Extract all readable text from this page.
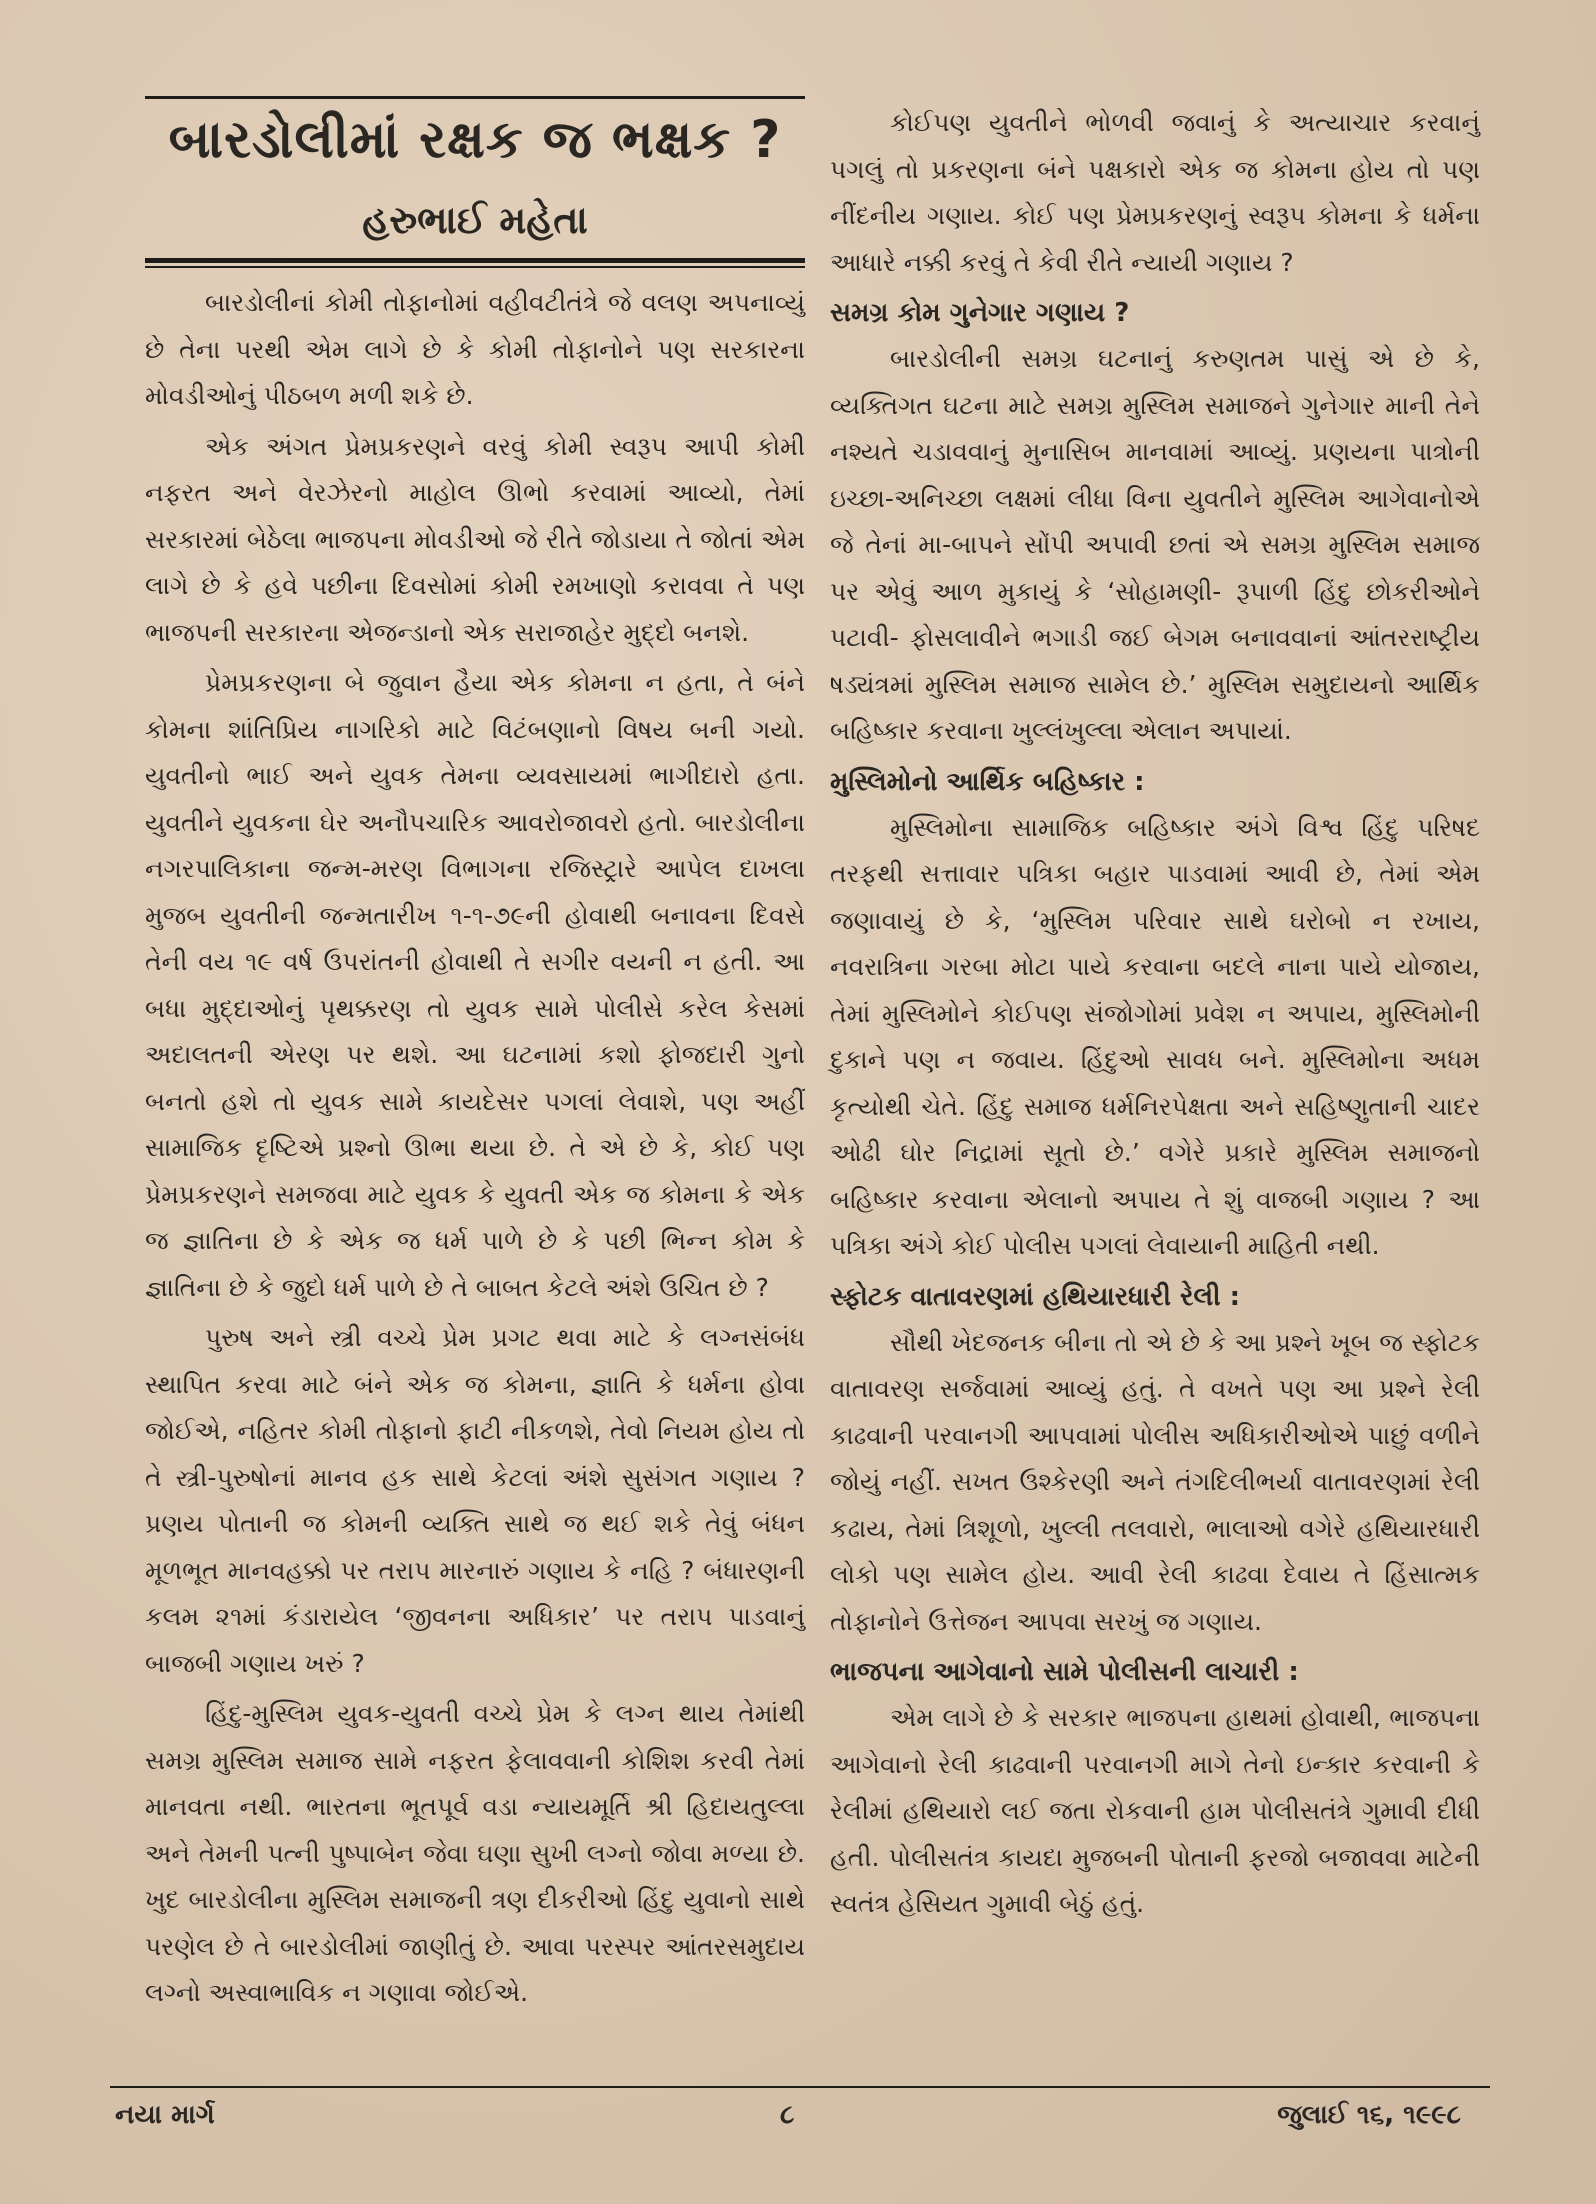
બારડોલીમાં રક્ષક જ ભક્ષક ?
હરુભાઈ મહેતા

બારડોલીનાં કોમી તોફાનોમાં વહીવટીતંત્રે જે વલણ અપનાવ્યું છે તેના પરથી એમ લાગે છે કે કોમી તોફાનોને પણ સરકારના મોવડીઓનું પીઠબળ મળી શકે છે.

એક અંગત પ્રેમપ્રકરણને વરવું કોમી સ્વરૂપ આપી કોમી નફરત અને વેરઝેરનો માહોલ ઊભો કરવામાં આવ્યો, તેમાં સરકારમાં બેઠેલા ભાજપના મોવડીઓ જે રીતે જોડાયા તે જોતાં એમ લાગે છે કે હવે પછીના દિવસોમાં કોમી રમખાણો કરાવવા તે પણ ભાજપની સરકારના એજન્ડાનો એક સરાજાહેર મુદ્દો બનશે.

પ્રેમપ્રકરણના બે જુવાન હૈયા એક કોમના ન હતા, તે બંને કોમના શાંતિપ્રિય નાગરિકો માટે વિટંબણાનો વિષય બની ગયો. યુવતીનો ભાઈ અને યુવક તેમના વ્યવસાયમાં ભાગીદારો હતા. યુવતીને યુવકના ઘેર અનૌપચારિક આવરોજાવરો હતો. બારડોલીના નગરપાલિકાના જન્મ-મરણ વિભાગના રજિસ્ટ્રારે આપેલ દાખલા મુજબ યુવતીની જન્મતારીખ ૧-૧-૭૯ની હોવાથી બનાવના દિવસે તેની વય ૧૯ વર્ષ ઉપરાંતની હોવાથી તે સગીર વયની ન હતી. આ બધા મુદ્દાઓનું પૃથક્કરણ તો યુવક સામે પોલીસે કરેલ કેસમાં અદાલતની એરણ પર થશે. આ ઘટનામાં કશો ફોજદારી ગુનો બનતો હશે તો યુવક સામે કાયદેસર પગલાં લેવાશે, પણ અહીં સામાજિક દૃષ્ટિએ પ્રશ્નો ઊભા થયા છે. તે એ છે કે, કોઈ પણ પ્રેમપ્રકરણને સમજવા માટે યુવક કે યુવતી એક જ કોમના કે એક જ જ્ઞાતિના છે કે એક જ ધર્મ પાળે છે કે પછી ભિન્ન કોમ કે જ્ઞાતિના છે કે જુદો ધર્મ પાળે છે તે બાબત કેટલે અંશે ઉચિત છે ?

પુરુષ અને સ્ત્રી વચ્ચે પ્રેમ પ્રગટ થવા માટે કે લગ્નસંબંધ સ્થાપિત કરવા માટે બંને એક જ કોમના, જ્ઞાતિ કે ધર્મના હોવા જોઈએ, નહિતર કોમી તોફાનો ફાટી નીકળશે, તેવો નિયમ હોય તો તે સ્ત્રી-પુરુષોનાં માનવ હક સાથે કેટલાં અંશે સુસંગત ગણાય ? પ્રણય પોતાની જ કોમની વ્યક્તિ સાથે જ થઈ શકે તેવું બંધન મૂળભૂત માનવહક્કો પર તરાપ મારનારું ગણાય કે નહિ ? બંધારણની કલમ ૨૧માં કંડારાયેલ ‘જીવનના અધિકાર’ પર તરાપ પાડવાનું બાજબી ગણાય ખરું ?

હિંદુ-મુસ્લિમ યુવક-યુવતી વચ્ચે પ્રેમ કે લગ્ન થાય તેમાંથી સમગ્ર મુસ્લિમ સમાજ સામે નફરત ફેલાવવાની કોશિશ કરવી તેમાં માનવતા નથી. ભારતના ભૂતપૂર્વ વડા ન્યાયમૂર્તિ શ્રી હિદાયતુલ્લા અને તેમની પત્ની પુષ્પાબેન જેવા ઘણા સુખી લગ્નો જોવા મળ્યા છે. ખુદ બારડોલીના મુસ્લિમ સમાજની ત્રણ દીકરીઓ હિંદુ યુવાનો સાથે પરણેલ છે તે બારડોલીમાં જાણીતું છે. આવા પરસ્પર આંતરસમુદાય લગ્નો અસ્વાભાવિક ન ગણાવા જોઈએ.

કોઈપણ યુવતીને ભોળવી જવાનું કે અત્યાચાર કરવાનું પગલું તો પ્રકરણના બંને પક્ષકારો એક જ કોમના હોય તો પણ નીંદનીય ગણાય. કોઈ પણ પ્રેમપ્રકરણનું સ્વરૂપ કોમના કે ધર્મના આધારે નક્કી કરવું તે કેવી રીતે ન્યાયી ગણાય ?

સમગ્ર કોમ ગુનેગાર ગણાય ?

બારડોલીની સમગ્ર ઘટનાનું કરુણતમ પાસું એ છે કે, વ્યક્તિગત ઘટના માટે સમગ્ર મુસ્લિમ સમાજને ગુનેગાર માની તેને નશ્યતે ચડાવવાનું મુનાસિબ માનવામાં આવ્યું. પ્રણયના પાત્રોની ઇચ્છા-અનિચ્છા લક્ષમાં લીધા વિના યુવતીને મુસ્લિમ આગેવાનોએ જે તેનાં મા-બાપને સોંપી અપાવી છતાં એ સમગ્ર મુસ્લિમ સમાજ પર એવું આળ મુકાયું કે ‘સોહામણી- રૂપાળી હિંદુ છોકરીઓને પટાવી- ફોસલાવીને ભગાડી જઈ બેગમ બનાવવાનાં આંતરરાષ્ટ્રીય ષડ્યંત્રમાં મુસ્લિમ સમાજ સામેલ છે.’ મુસ્લિમ સમુદાયનો આર્થિક બહિષ્કાર કરવાના ખુલ્લંખુલ્લા એલાન અપાયાં.

મુસ્લિમોનો આર્થિક બહિષ્કાર :

મુસ્લિમોના સામાજિક બહિષ્કાર અંગે વિશ્વ હિંદુ પરિષદ તરફથી સત્તાવાર પત્રિકા બહાર પાડવામાં આવી છે, તેમાં એમ જણાવાયું છે કે, ‘મુસ્લિમ પરિવાર સાથે ઘરોબો ન રખાય, નવરાત્રિના ગરબા મોટા પાયે કરવાના બદલે નાના પાયે યોજાય, તેમાં મુસ્લિમોને કોઈપણ સંજોગોમાં પ્રવેશ ન અપાય, મુસ્લિમોની દુકાને પણ ન જવાય. હિંદુઓ સાવધ બને. મુસ્લિમોના અધમ કૃત્યોથી ચેતે. હિંદુ સમાજ ધર્મનિરપેક્ષતા અને સહિષ્ણુતાની ચાદર ઓઢી ઘોર નિદ્રામાં સૂતો છે.’ વગેરે પ્રકારે મુસ્લિમ સમાજનો બહિષ્કાર કરવાના એલાનો અપાય તે શું વાજબી ગણાય ? આ પત્રિકા અંગે કોઈ પોલીસ પગલાં લેવાયાની માહિતી નથી.

સ્ફોટક વાતાવરણમાં હથિયારધારી રેલી :

સૌથી ખેદજનક બીના તો એ છે કે આ પ્રશ્ને ખૂબ જ સ્ફોટક વાતાવરણ સર્જવામાં આવ્યું હતું. તે વખતે પણ આ પ્રશ્ને રેલી કાઢવાની પરવાનગી આપવામાં પોલીસ અધિકારીઓએ પાછું વળીને જોયું નહીં. સખત ઉશ્કેરણી અને તંગદિલીભર્યા વાતાવરણમાં રેલી કઢાય, તેમાં ત્રિશૂળો, ખુલ્લી તલવારો, ભાલાઓ વગેરે હથિયારધારી લોકો પણ સામેલ હોય. આવી રેલી કાઢવા દેવાય તે હિંસાત્મક તોફાનોને ઉત્તેજન આપવા સરખું જ ગણાય.

ભાજપના આગેવાનો સામે પોલીસની લાચારી :

એમ લાગે છે કે સરકાર ભાજપના હાથમાં હોવાથી, ભાજપના આગેવાનો રેલી કાઢવાની પરવાનગી માગે તેનો ઇન્કાર કરવાની કે રેલીમાં હથિયારો લઈ જતા રોકવાની હામ પોલીસતંત્રે ગુમાવી દીધી હતી. પોલીસતંત્ર કાયદા મુજબની પોતાની ફરજો બજાવવા માટેની સ્વતંત્ર હેસિયત ગુમાવી બેઠું હતું.

નયા માર્ગ	૮	જુલાઈ ૧૬, ૧૯૯૮
